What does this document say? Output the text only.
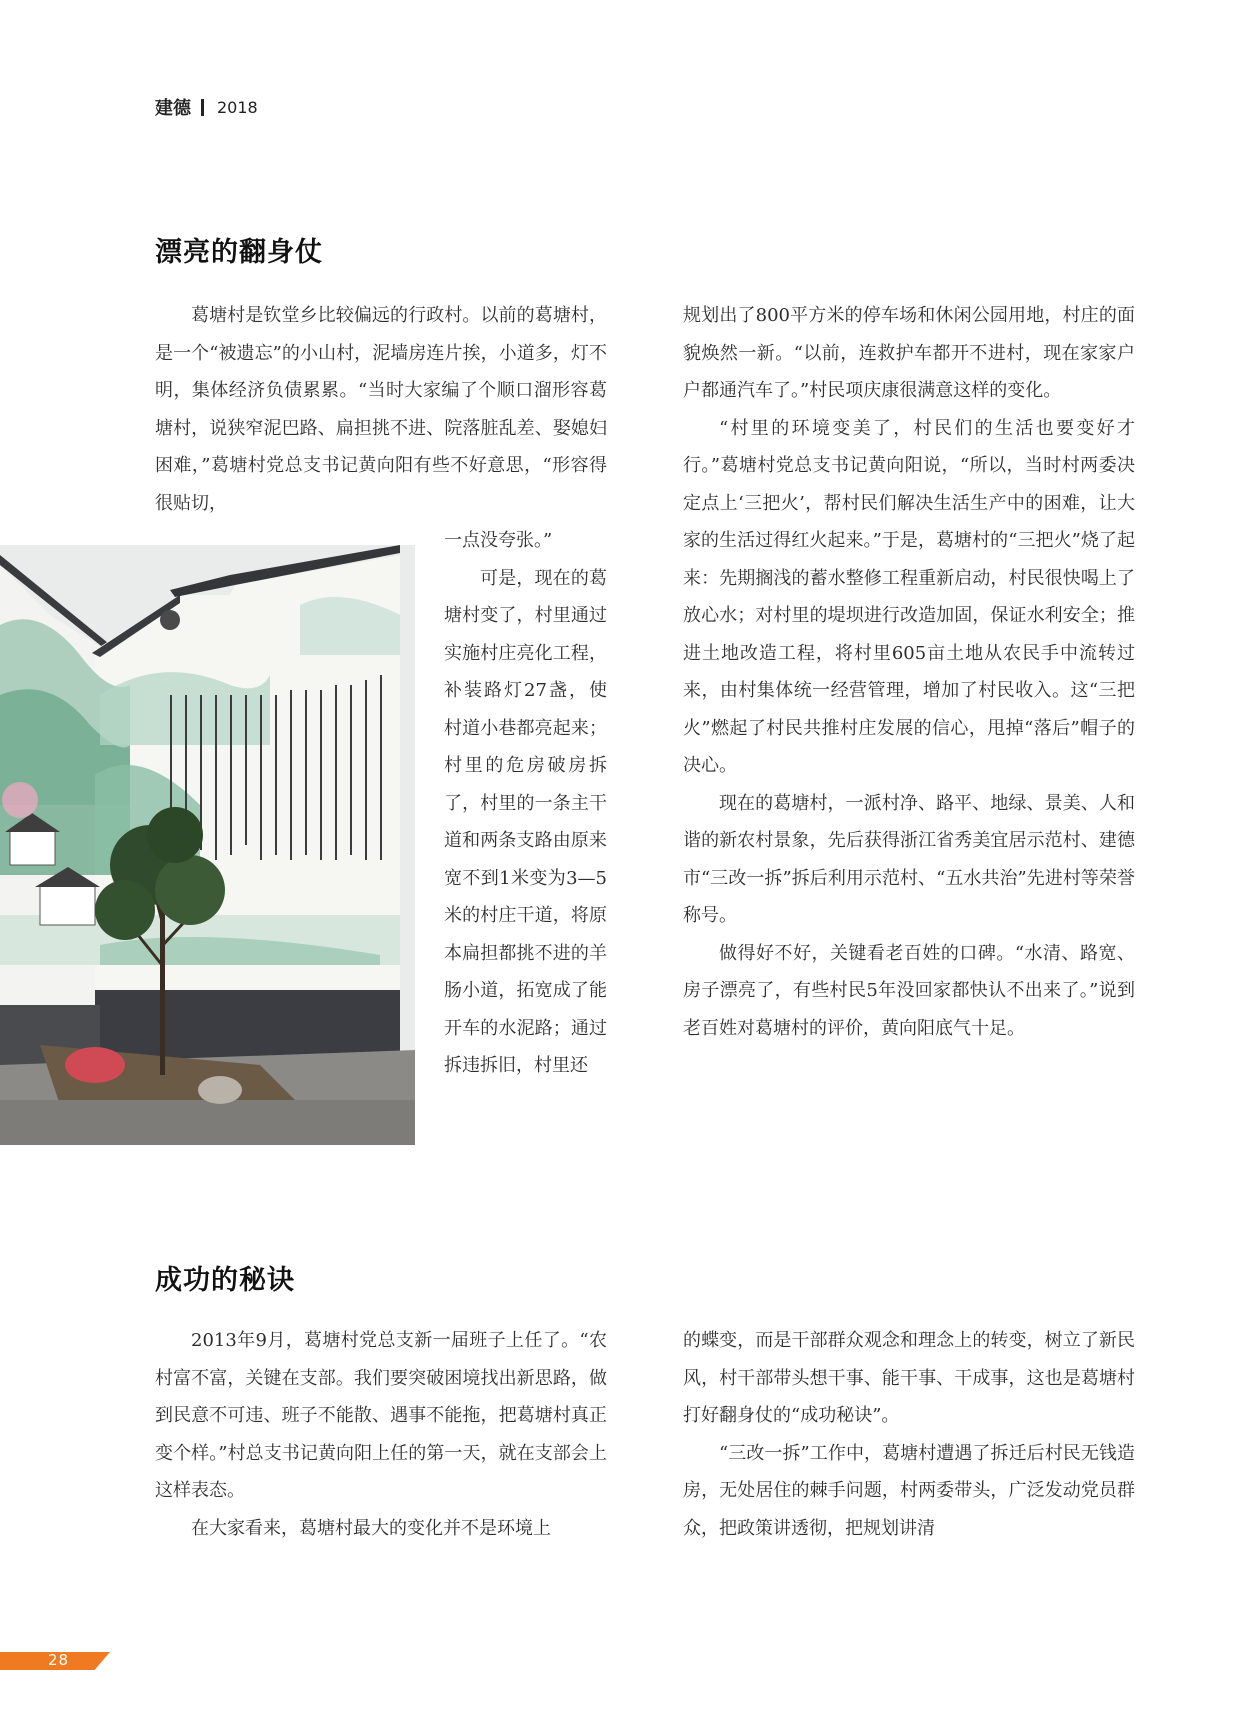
建德 2018
漂亮的翻身仗

葛塘村是钦堂乡比较偏远的行政村。以前的葛塘村，是一个“被遗忘”的小山村，泥墙房连片挨，小道多，灯不明，集体经济负债累累。“当时大家编了个顺口溜形容葛塘村，说狭窄泥巴路、扁担挑不进、院落脏乱差、娶媳妇困难，”葛塘村党总支书记黄向阳有些不好意思，“形容得很贴切，

一点没夸张。”

可是，现在的葛塘村变了，村里通过实施村庄亮化工程，补装路灯27盏，使村道小巷都亮起来；村里的危房破房拆了，村里的一条主干道和两条支路由原来宽不到1米变为3—5米的村庄干道，将原本扁担都挑不进的羊肠小道，拓宽成了能开车的水泥路；通过拆违拆旧，村里还

规划出了800平方米的停车场和休闲公园用地，村庄的面貌焕然一新。“以前，连救护车都开不进村，现在家家户户都通汽车了。”村民项庆康很满意这样的变化。

“村里的环境变美了，村民们的生活也要变好才行。”葛塘村党总支书记黄向阳说，“所以，当时村两委决定点上‘三把火’，帮村民们解决生活生产中的困难，让大家的生活过得红火起来。”于是，葛塘村的“三把火”烧了起来：先期搁浅的蓄水整修工程重新启动，村民很快喝上了放心水；对村里的堤坝进行改造加固，保证水利安全；推进土地改造工程，将村里605亩土地从农民手中流转过来，由村集体统一经营管理，增加了村民收入。这“三把火”燃起了村民共推村庄发展的信心，甩掉“落后”帽子的决心。

现在的葛塘村，一派村净、路平、地绿、景美、人和谐的新农村景象，先后获得浙江省秀美宜居示范村、建德市“三改一拆”拆后利用示范村、“五水共治”先进村等荣誉称号。

做得好不好，关键看老百姓的口碑。“水清、路宽、房子漂亮了，有些村民5年没回家都快认不出来了。”说到老百姓对葛塘村的评价，黄向阳底气十足。

成功的秘诀

2013年9月，葛塘村党总支新一届班子上任了。“农村富不富，关键在支部。我们要突破困境找出新思路，做到民意不可违、班子不能散、遇事不能拖，把葛塘村真正变个样。”村总支书记黄向阳上任的第一天，就在支部会上这样表态。

在大家看来，葛塘村最大的变化并不是环境上

的蝶变，而是干部群众观念和理念上的转变，树立了新民风，村干部带头想干事、能干事、干成事，这也是葛塘村打好翻身仗的“成功秘诀”。

“三改一拆”工作中，葛塘村遭遇了拆迁后村民无钱造房，无处居住的棘手问题，村两委带头，广泛发动党员群众，把政策讲透彻，把规划讲清

28
